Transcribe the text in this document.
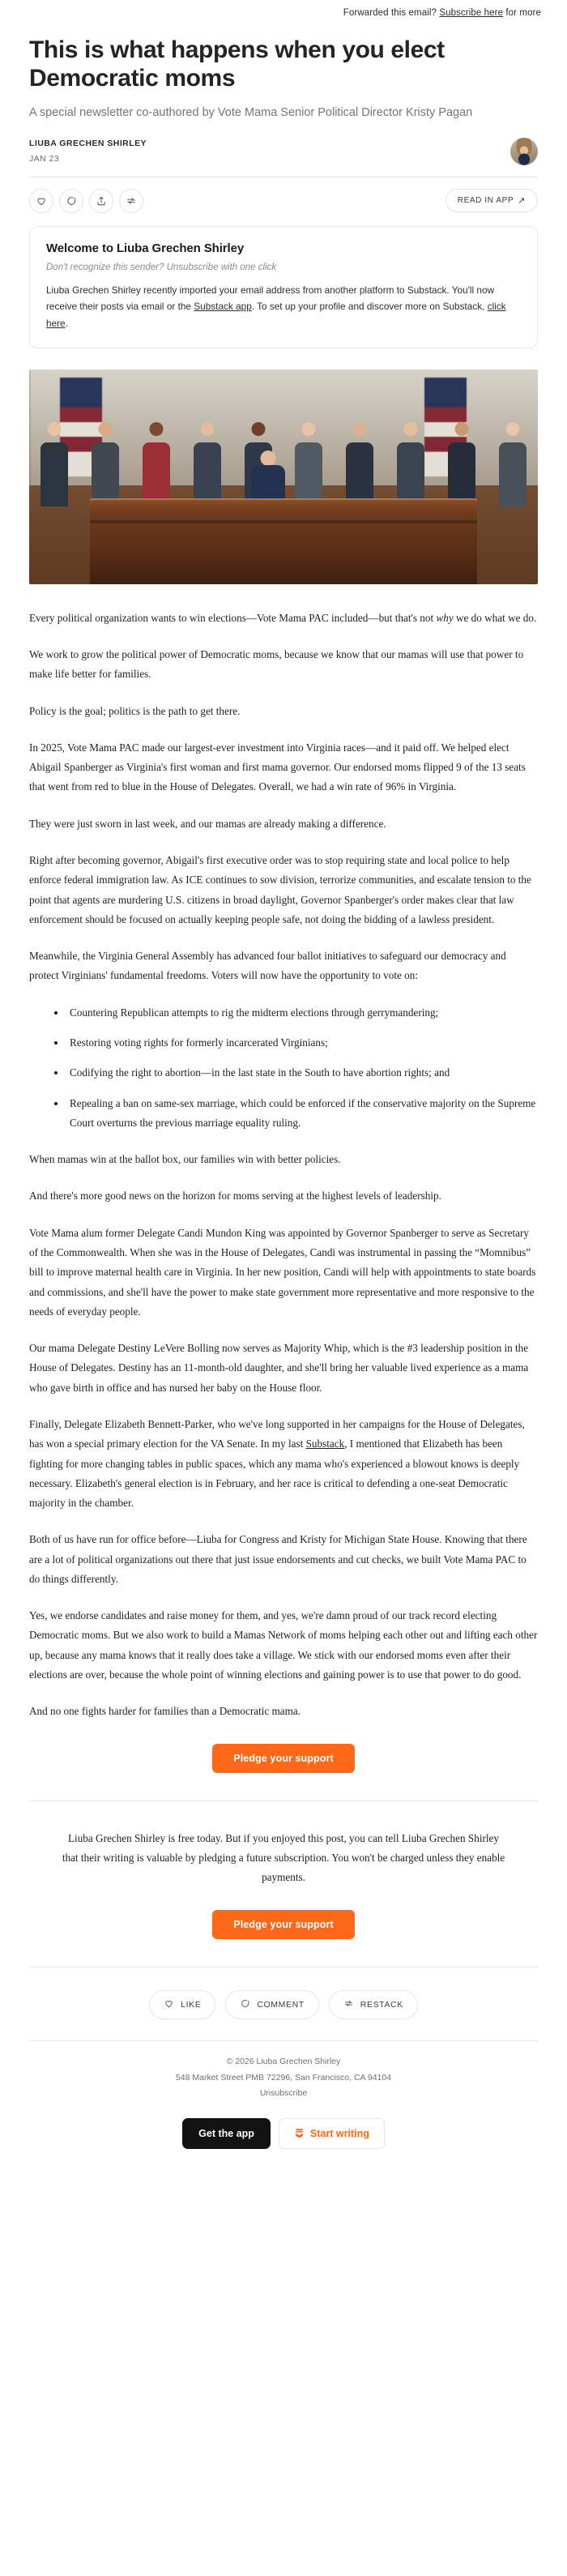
Forwarded this email? Subscribe here for more
This is what happens when you elect Democratic moms
A special newsletter co-authored by Vote Mama Senior Political Director Kristy Pagan
LIUBA GRECHEN SHIRLEY
JAN 23
READ IN APP ↗
Welcome to Liuba Grechen Shirley
Don't recognize this sender? Unsubscribe with one click

Liuba Grechen Shirley recently imported your email address from another platform to Substack. You'll now receive their posts via email or the Substack app. To set up your profile and discover more on Substack, click here.

Every political organization wants to win elections—Vote Mama PAC included—but that's not why we do what we do.

We work to grow the political power of Democratic moms, because we know that our mamas will use that power to make life better for families.

Policy is the goal; politics is the path to get there.

In 2025, Vote Mama PAC made our largest-ever investment into Virginia races—and it paid off. We helped elect Abigail Spanberger as Virginia's first woman and first mama governor. Our endorsed moms flipped 9 of the 13 seats that went from red to blue in the House of Delegates. Overall, we had a win rate of 96% in Virginia.

They were just sworn in last week, and our mamas are already making a difference.

Right after becoming governor, Abigail's first executive order was to stop requiring state and local police to help enforce federal immigration law. As ICE continues to sow division, terrorize communities, and escalate tension to the point that agents are murdering U.S. citizens in broad daylight, Governor Spanberger's order makes clear that law enforcement should be focused on actually keeping people safe, not doing the bidding of a lawless president.

Meanwhile, the Virginia General Assembly has advanced four ballot initiatives to safeguard our democracy and protect Virginians' fundamental freedoms. Voters will now have the opportunity to vote on:

• Countering Republican attempts to rig the midterm elections through gerrymandering;
• Restoring voting rights for formerly incarcerated Virginians;
• Codifying the right to abortion—in the last state in the South to have abortion rights; and
• Repealing a ban on same-sex marriage, which could be enforced if the conservative majority on the Supreme Court overturns the previous marriage equality ruling.

When mamas win at the ballot box, our families win with better policies.

And there's more good news on the horizon for moms serving at the highest levels of leadership.

Vote Mama alum former Delegate Candi Mundon King was appointed by Governor Spanberger to serve as Secretary of the Commonwealth. When she was in the House of Delegates, Candi was instrumental in passing the “Momnibus” bill to improve maternal health care in Virginia. In her new position, Candi will help with appointments to state boards and commissions, and she'll have the power to make state government more representative and more responsive to the needs of everyday people.

Our mama Delegate Destiny LeVere Bolling now serves as Majority Whip, which is the #3 leadership position in the House of Delegates. Destiny has an 11-month-old daughter, and she'll bring her valuable lived experience as a mama who gave birth in office and has nursed her baby on the House floor.

Finally, Delegate Elizabeth Bennett-Parker, who we've long supported in her campaigns for the House of Delegates, has won a special primary election for the VA Senate. In my last Substack, I mentioned that Elizabeth has been fighting for more changing tables in public spaces, which any mama who's experienced a blowout knows is deeply necessary. Elizabeth's general election is in February, and her race is critical to defending a one-seat Democratic majority in the chamber.

Both of us have run for office before—Liuba for Congress and Kristy for Michigan State House. Knowing that there are a lot of political organizations out there that just issue endorsements and cut checks, we built Vote Mama PAC to do things differently.

Yes, we endorse candidates and raise money for them, and yes, we're damn proud of our track record electing Democratic moms. But we also work to build a Mamas Network of moms helping each other out and lifting each other up, because any mama knows that it really does take a village. We stick with our endorsed moms even after their elections are over, because the whole point of winning elections and gaining power is to use that power to do good.

And no one fights harder for families than a Democratic mama.

Pledge your support
Liuba Grechen Shirley is free today. But if you enjoyed this post, you can tell Liuba Grechen Shirley that their writing is valuable by pledging a future subscription. You won't be charged unless they enable payments.
Pledge your support
LIKE	COMMENT	RESTACK
© 2026 Liuba Grechen Shirley
548 Market Street PMB 72296, San Francisco, CA 94104
Unsubscribe
Get the app	Start writing
